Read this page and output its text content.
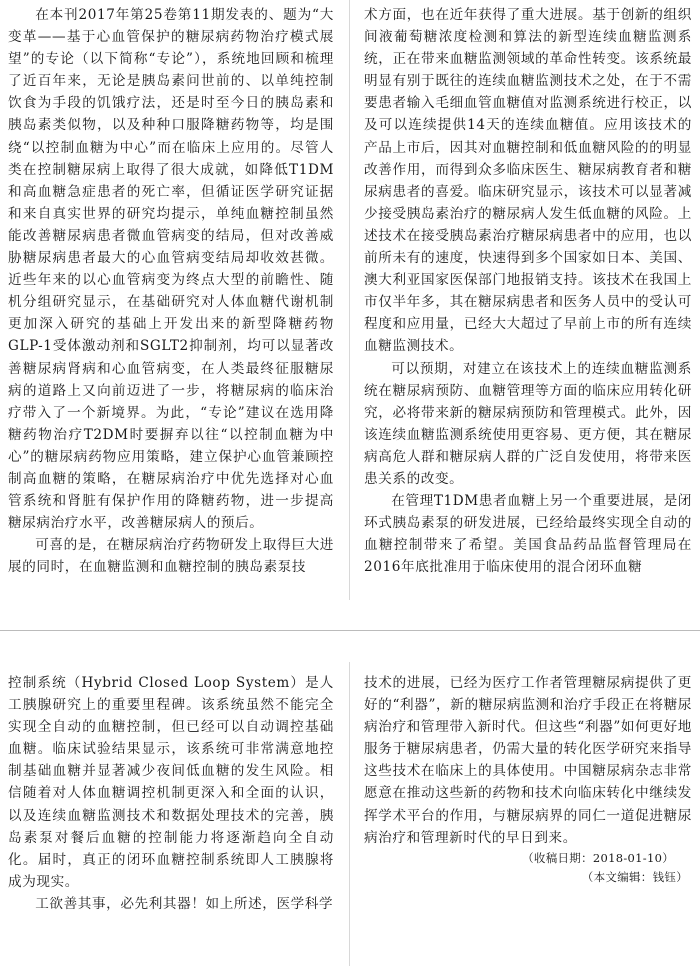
在本刊2017年第25卷第11期发表的、题为“大变革——基于心血管保护的糖尿病药物治疗模式展望”的专论（以下简称“专论”），系统地回顾和梳理了近百年来，无论是胰岛素问世前的、以单纯控制饮食为手段的饥饿疗法，还是时至今日的胰岛素和胰岛素类似物，以及种种口服降糖药物等，均是围绕“以控制血糖为中心”而在临床上应用的。尽管人类在控制糖尿病上取得了很大成就，如降低T1DM和高血糖急症患者的死亡率，但循证医学研究证据和来自真实世界的研究均提示，单纯血糖控制虽然能改善糖尿病患者微血管病变的结局，但对改善威胁糖尿病患者最大的心血管病变结局却收效甚微。近些年来的以心血管病变为终点大型的前瞻性、随机分组研究显示，在基础研究对人体血糖代谢机制更加深入研究的基础上开发出来的新型降糖药物GLP-1受体激动剂和SGLT2抑制剂，均可以显著改善糖尿病肾病和心血管病变，在人类最终征服糖尿病的道路上又向前迈进了一步，将糖尿病的临床治疗带入了一个新境界。为此，“专论”建议在选用降糖药物治疗T2DM时要摒弃以往“以控制血糖为中心”的糖尿病药物应用策略，建立保护心血管兼顾控制高血糖的策略，在糖尿病治疗中优先选择对心血管系统和肾脏有保护作用的降糖药物，进一步提高糖尿病治疗水平，改善糖尿病人的预后。

可喜的是，在糖尿病治疗药物研发上取得巨大进展的同时，在血糖监测和血糖控制的胰岛素泵技

术方面，也在近年获得了重大进展。基于创新的组织间液葡萄糖浓度检测和算法的新型连续血糖监测系统，正在带来血糖监测领域的革命性转变。该系统最明显有别于既往的连续血糖监测技术之处，在于不需要患者输入毛细血管血糖值对监测系统进行校正，以及可以连续提供14天的连续血糖值。应用该技术的产品上市后，因其对血糖控制和低血糖风险的的明显改善作用，而得到众多临床医生、糖尿病教育者和糖尿病患者的喜爱。临床研究显示，该技术可以显著减少接受胰岛素治疗的糖尿病人发生低血糖的风险。上述技术在接受胰岛素治疗糖尿病患者中的应用，也以前所未有的速度，快速得到多个国家如日本、美国、澳大利亚国家医保部门地报销支持。该技术在我国上市仅半年多，其在糖尿病患者和医务人员中的受认可程度和应用量，已经大大超过了早前上市的所有连续血糖监测技术。

可以预期，对建立在该技术上的连续血糖监测系统在糖尿病预防、血糖管理等方面的临床应用转化研究，必将带来新的糖尿病预防和管理模式。此外，因该连续血糖监测系统使用更容易、更方便，其在糖尿病高危人群和糖尿病人群的广泛自发使用，将带来医患关系的改变。

在管理T1DM患者血糖上另一个重要进展，是闭环式胰岛素泵的研发进展，已经给最终实现全自动的血糖控制带来了希望。美国食品药品监督管理局在2016年底批准用于临床使用的混合闭环血糖

控制系统（Hybrid Closed Loop System）是人工胰腺研究上的重要里程碑。该系统虽然不能完全实现全自动的血糖控制，但已经可以自动调控基础血糖。临床试验结果显示，该系统可非常满意地控制基础血糖并显著减少夜间低血糖的发生风险。相信随着对人体血糖调控机制更深入和全面的认识，以及连续血糖监测技术和数据处理技术的完善，胰岛素泵对餐后血糖的控制能力将逐渐趋向全自动化。届时，真正的闭环血糖控制系统即人工胰腺将成为现实。

工欲善其事，必先利其器！如上所述，医学科学

技术的进展，已经为医疗工作者管理糖尿病提供了更好的“利器”，新的糖尿病监测和治疗手段正在将糖尿病治疗和管理带入新时代。但这些“利器”如何更好地服务于糖尿病患者，仍需大量的转化医学研究来指导这些技术在临床上的具体使用。中国糖尿病杂志非常愿意在推动这些新的药物和技术向临床转化中继续发挥学术平台的作用，与糖尿病界的同仁一道促进糖尿病治疗和管理新时代的早日到来。

（收稿日期：2018-01-10）
（本文编辑：钱钰）
